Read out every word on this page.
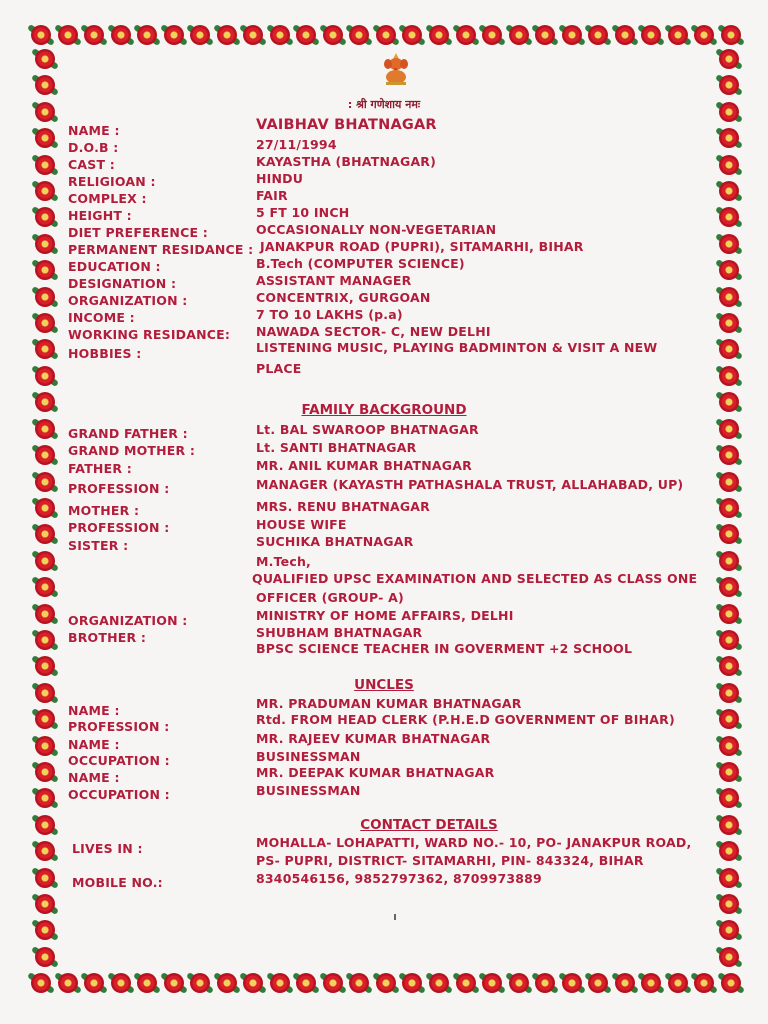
: श्री गणेशाय नमः
NAME :	VAIBHAV BHATNAGAR
D.O.B :	27/11/1994
CAST :	KAYASTHA (BHATNAGAR)
RELIGIOAN :	HINDU
COMPLEX :	FAIR
HEIGHT :	5 FT 10 INCH
DIET PREFERENCE :	OCCASIONALLY NON-VEGETARIAN
PERMANENT RESIDANCE : JANAKPUR ROAD (PUPRI), SITAMARHI, BIHAR
EDUCATION :	B.Tech (COMPUTER SCIENCE)
DESIGNATION :	ASSISTANT MANAGER
ORGANIZATION :	CONCENTRIX, GURGOAN
INCOME :	7 TO 10 LAKHS (p.a)
WORKING RESIDANCE: NAWADA SECTOR- C, NEW DELHI
HOBBIES :	LISTENING MUSIC, PLAYING BADMINTON & VISIT A NEW
PLACE
FAMILY BACKGROUND
GRAND FATHER :	Lt. BAL SWAROOP BHATNAGAR
GRAND MOTHER :	Lt. SANTI BHATNAGAR
FATHER :	MR. ANIL KUMAR BHATNAGAR
PROFESSION :	MANAGER (KAYASTH PATHASHALA TRUST, ALLAHABAD, UP)
MOTHER :	MRS. RENU BHATNAGAR
PROFESSION :	HOUSE WIFE
SISTER :	SUCHIKA BHATNAGAR
M.Tech,
QUALIFIED UPSC EXAMINATION AND SELECTED AS CLASS ONE
OFFICER (GROUP- A)
ORGANIZATION :	MINISTRY OF HOME AFFAIRS, DELHI
BROTHER :	SHUBHAM BHATNAGAR
BPSC SCIENCE TEACHER IN GOVERMENT +2 SCHOOL
UNCLES
NAME :	MR. PRADUMAN KUMAR BHATNAGAR
PROFESSION :	Rtd. FROM HEAD CLERK (P.H.E.D GOVERNMENT OF BIHAR)
NAME :	MR. RAJEEV KUMAR BHATNAGAR
OCCUPATION :	BUSINESSMAN
NAME :	MR. DEEPAK KUMAR BHATNAGAR
OCCUPATION :	BUSINESSMAN
CONTACT DETAILS
LIVES IN :	MOHALLA- LOHAPATTI, WARD NO.- 10, PO- JANAKPUR ROAD,
PS- PUPRI, DISTRICT- SITAMARHI, PIN- 843324, BIHAR
MOBILE NO.:	8340546156, 9852797362, 8709973889
